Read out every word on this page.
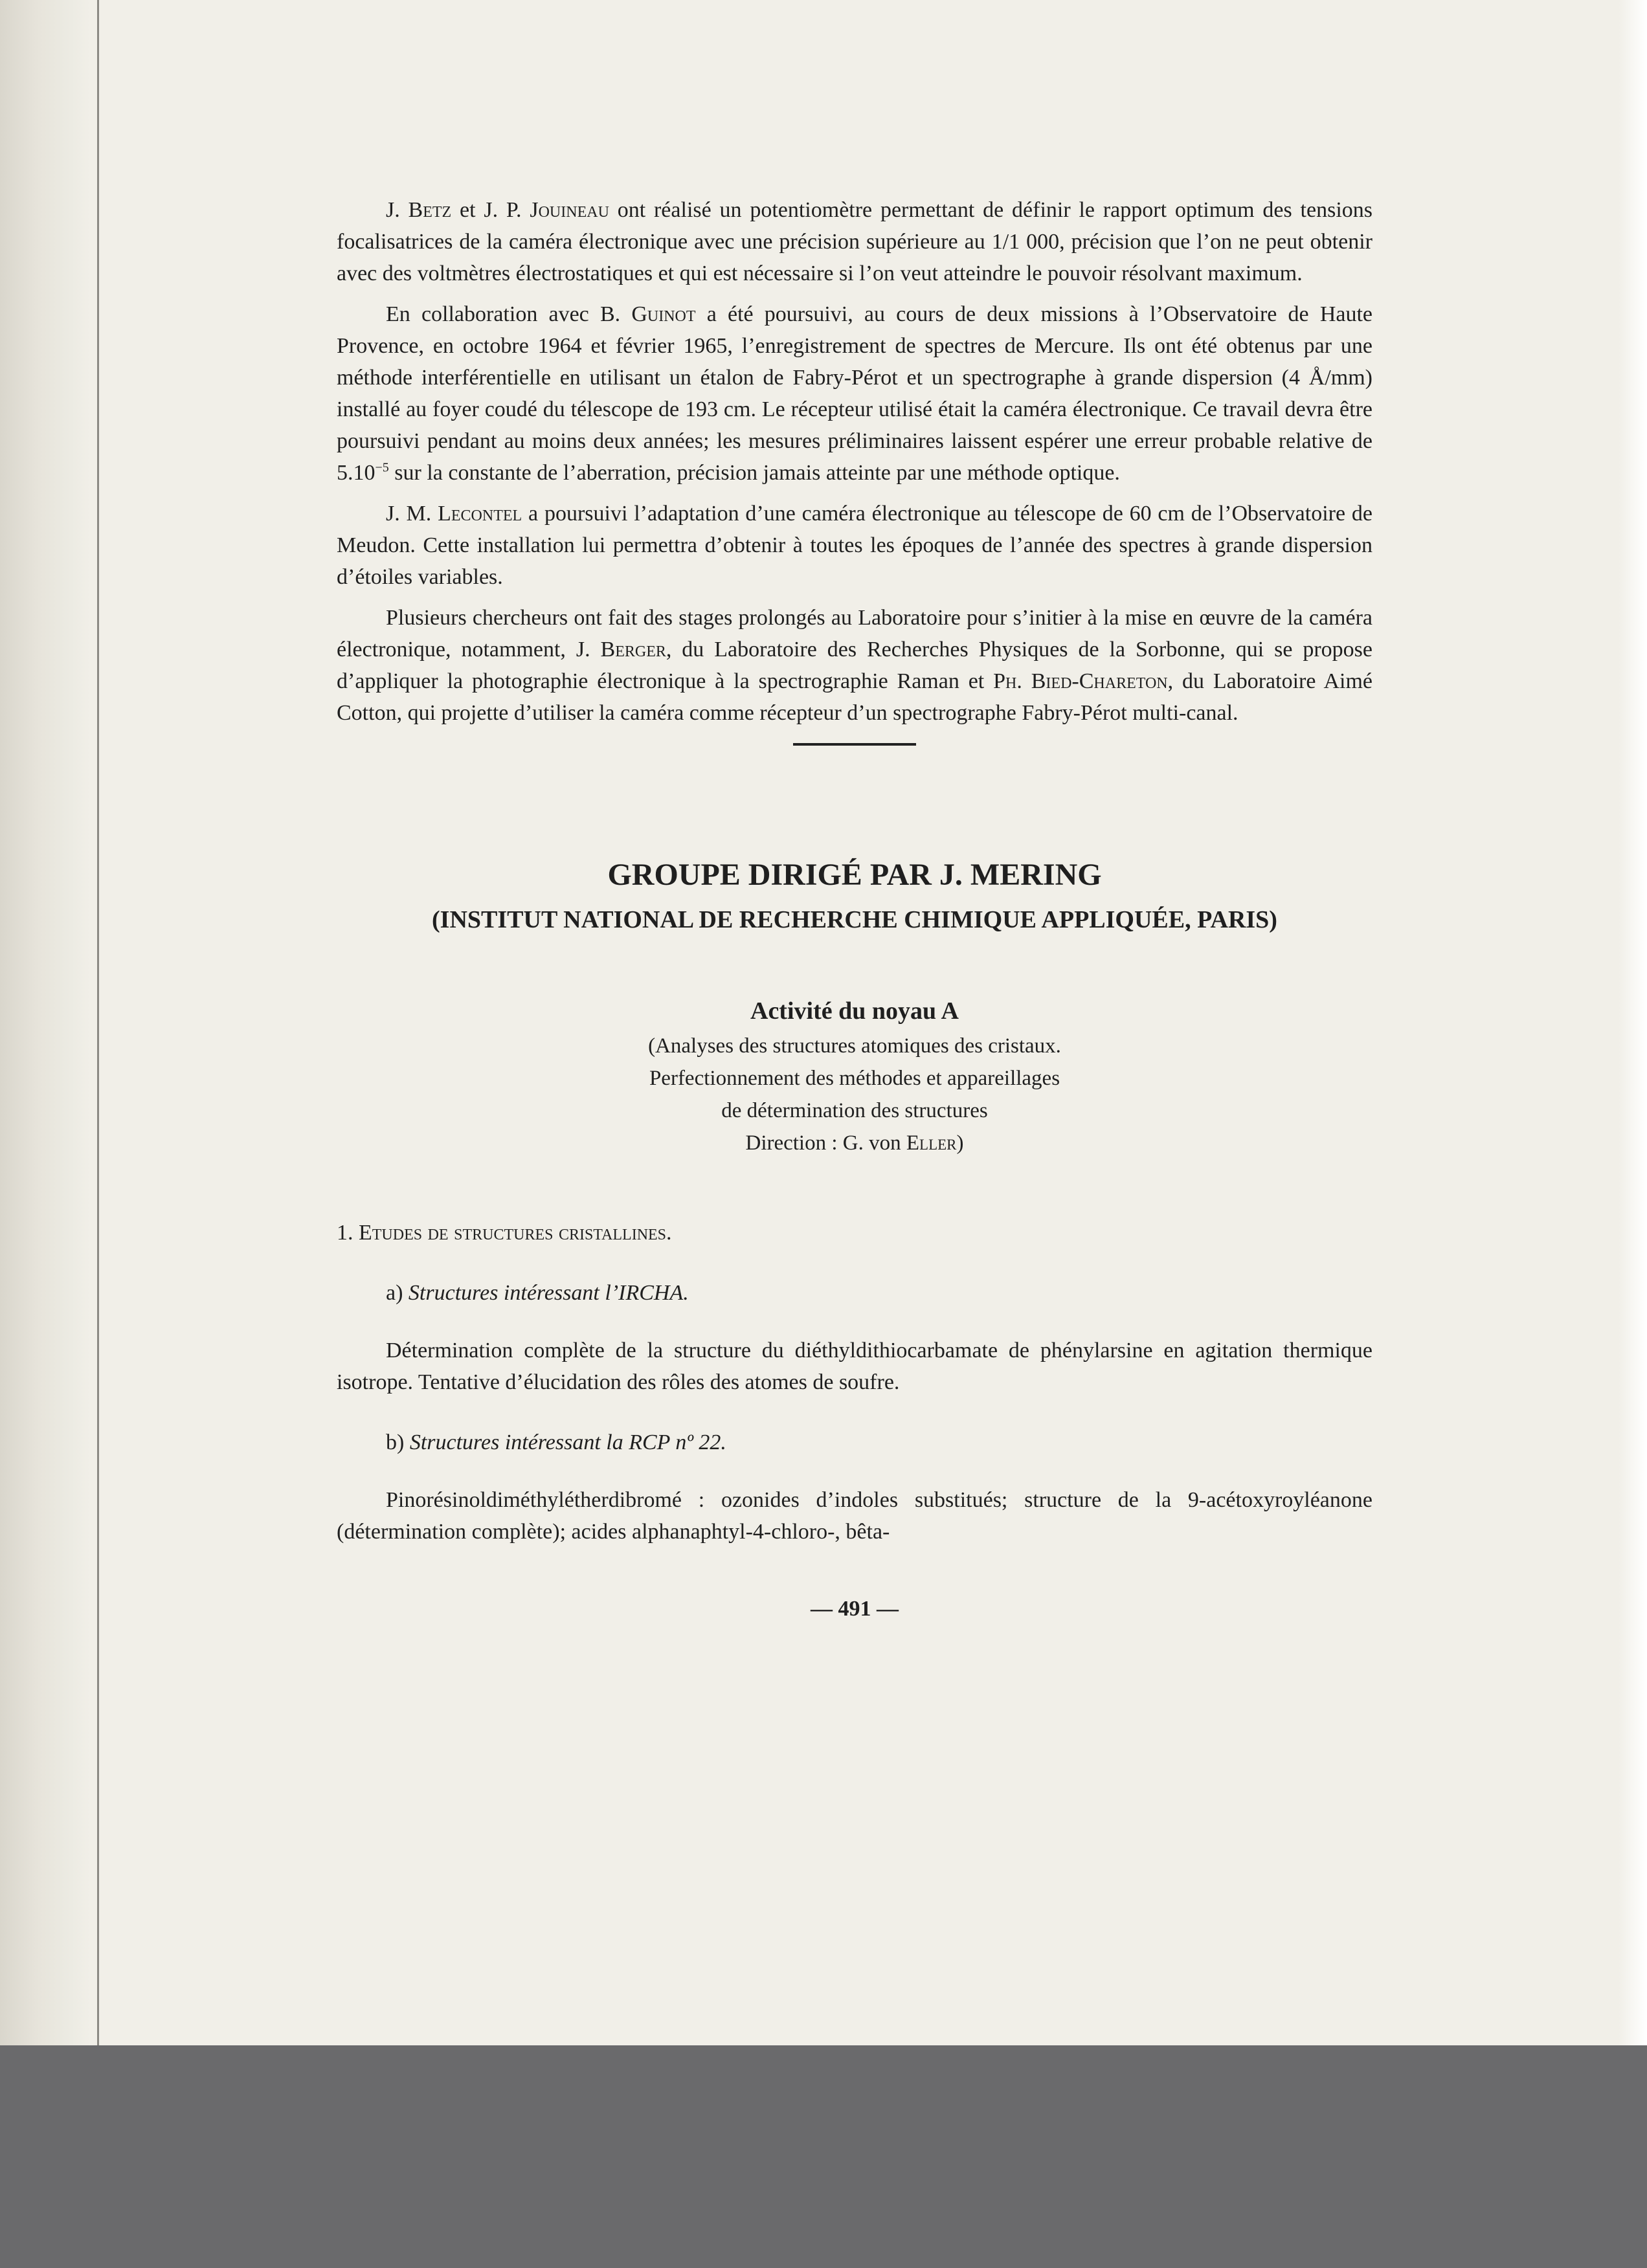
J. Betz et J. P. Jouineau ont réalisé un potentiomètre permettant de définir le rapport optimum des tensions focalisatrices de la caméra électronique avec une précision supérieure au 1/1 000, précision que l’on ne peut obtenir avec des voltmètres électrostatiques et qui est nécessaire si l’on veut atteindre le pouvoir résolvant maximum.

En collaboration avec B. Guinot a été poursuivi, au cours de deux missions à l’Observatoire de Haute Provence, en octobre 1964 et février 1965, l’enregistrement de spectres de Mercure. Ils ont été obtenus par une méthode interférentielle en utilisant un étalon de Fabry-Pérot et un spectrographe à grande dispersion (4 Å/mm) installé au foyer coudé du télescope de 193 cm. Le récepteur utilisé était la caméra électronique. Ce travail devra être poursuivi pendant au moins deux années; les mesures préliminaires laissent espérer une erreur probable relative de $5.10^{-5}$ sur la constante de l’aberration, précision jamais atteinte par une méthode optique.

J. M. Lecontel a poursuivi l’adaptation d’une caméra électronique au télescope de 60 cm de l’Observatoire de Meudon. Cette installation lui permettra d’obtenir à toutes les époques de l’année des spectres à grande dispersion d’étoiles variables.

Plusieurs chercheurs ont fait des stages prolongés au Laboratoire pour s’initier à la mise en œuvre de la caméra électronique, notamment, J. Berger, du Laboratoire des Recherches Physiques de la Sorbonne, qui se propose d’appliquer la photographie électronique à la spectrographie Raman et Ph. Bied-Chareton, du Laboratoire Aimé Cotton, qui projette d’utiliser la caméra comme récepteur d’un spectrographe Fabry-Pérot multi-canal.

GROUPE DIRIGÉ PAR J. MERING
(INSTITUT NATIONAL DE RECHERCHE CHIMIQUE APPLIQUÉE, PARIS)
Activité du noyau A
(Analyses des structures atomiques des cristaux.
Perfectionnement des méthodes et appareillages
de détermination des structures
Direction : G. von Eller)
1. Etudes de structures cristallines.
a) Structures intéressant l’IRCHA.
Détermination complète de la structure du diéthyldithiocarbamate de phénylarsine en agitation thermique isotrope. Tentative d’élucidation des rôles des atomes de soufre.
b) Structures intéressant la RCP nº 22.
Pinorésinoldiméthylétherdibromé : ozonides d’indoles substitués; structure de la 9-acétoxyroyléanone (détermination complète); acides alphanaphtyl-4-chloro-, bêta-
— 491 —
